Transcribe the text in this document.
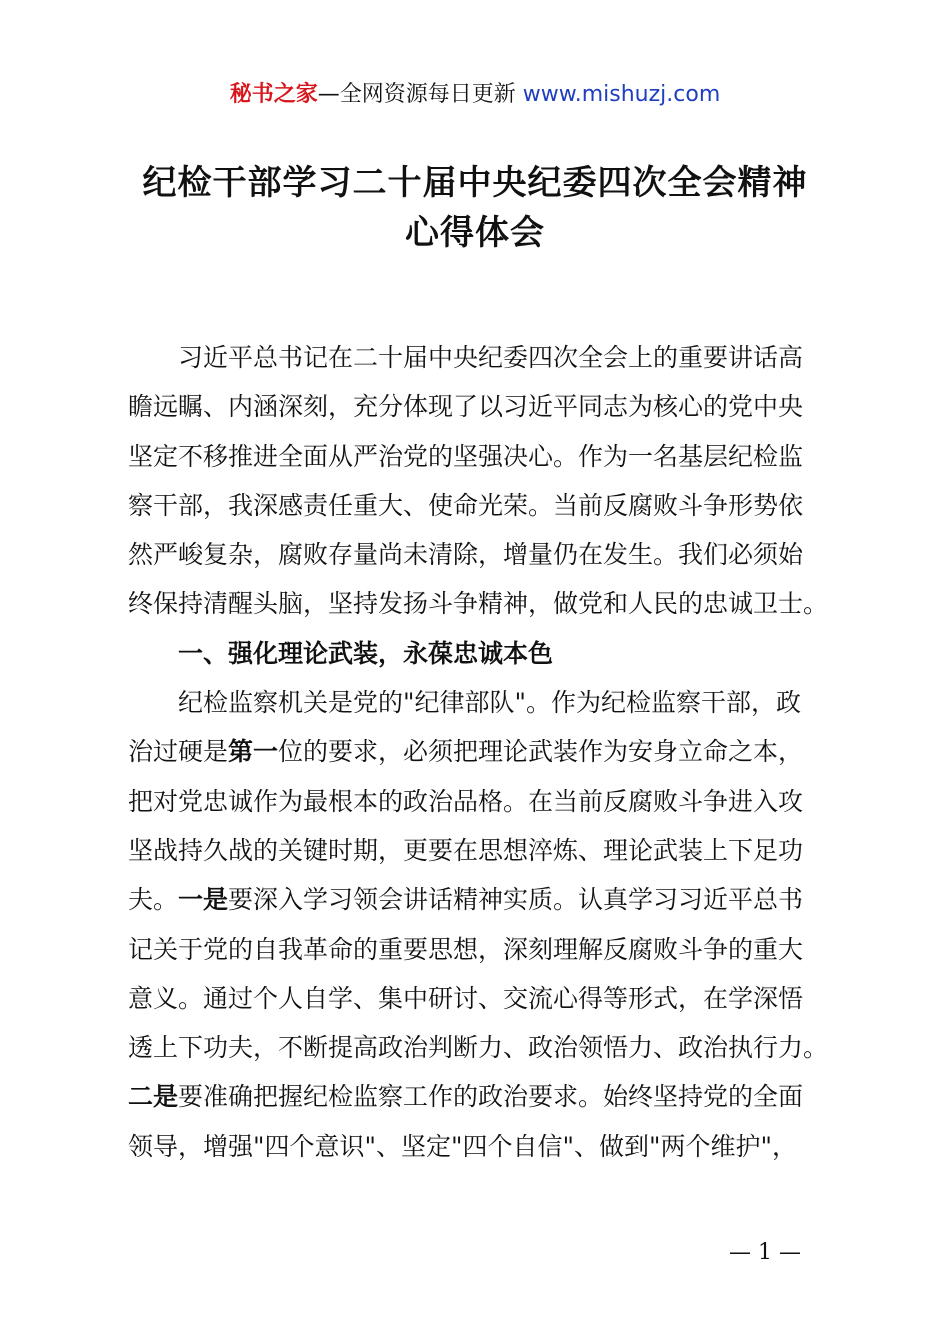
秘书之家—全网资源每日更新 www.mishuzj.com
纪检干部学习二十届中央纪委四次全会精神
心得体会
习近平总书记在二十届中央纪委四次全会上的重要讲话高
瞻远瞩、内涵深刻，充分体现了以习近平同志为核心的党中央
坚定不移推进全面从严治党的坚强决心。作为一名基层纪检监
察干部，我深感责任重大、使命光荣。当前反腐败斗争形势依
然严峻复杂，腐败存量尚未清除，增量仍在发生。我们必须始
终保持清醒头脑，坚持发扬斗争精神，做党和人民的忠诚卫士。
一、强化理论武装，永葆忠诚本色
纪检监察机关是党的"纪律部队"。作为纪检监察干部，政
治过硬是第一位的要求，必须把理论武装作为安身立命之本，
把对党忠诚作为最根本的政治品格。在当前反腐败斗争进入攻
坚战持久战的关键时期，更要在思想淬炼、理论武装上下足功
夫。一是要深入学习领会讲话精神实质。认真学习习近平总书
记关于党的自我革命的重要思想，深刻理解反腐败斗争的重大
意义。通过个人自学、集中研讨、交流心得等形式，在学深悟
透上下功夫，不断提高政治判断力、政治领悟力、政治执行力。
二是要准确把握纪检监察工作的政治要求。始终坚持党的全面
领导，增强"四个意识"、坚定"四个自信"、做到"两个维护"，
— 1 —
